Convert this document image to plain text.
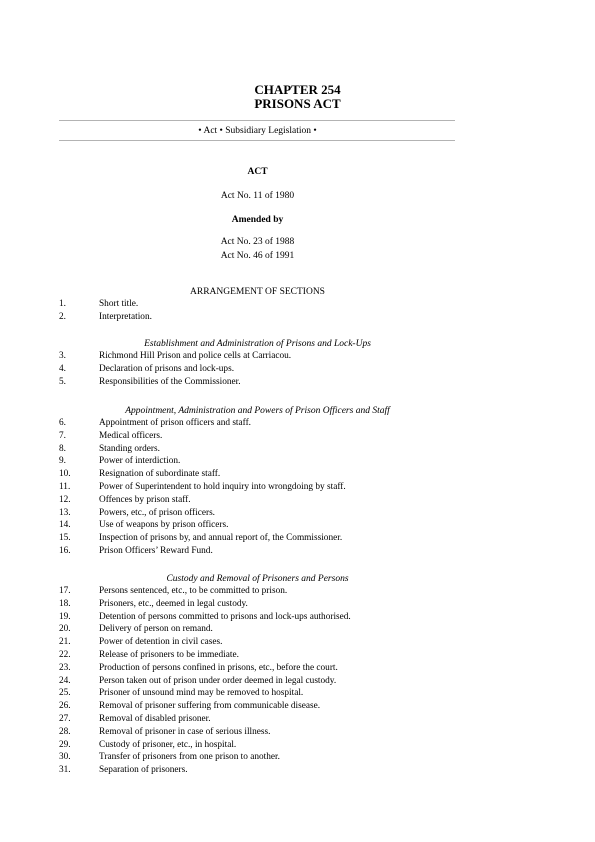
CHAPTER 254
PRISONS ACT
• Act • Subsidiary Legislation •
ACT
Act No. 11 of 1980
Amended by
Act No. 23 of 1988
Act No. 46 of 1991
ARRANGEMENT OF SECTIONS
1.	Short title.
2.	Interpretation.
Establishment and Administration of Prisons and Lock-Ups
3.	Richmond Hill Prison and police cells at Carriacou.
4.	Declaration of prisons and lock-ups.
5.	Responsibilities of the Commissioner.
Appointment, Administration and Powers of Prison Officers and Staff
6.	Appointment of prison officers and staff.
7.	Medical officers.
8.	Standing orders.
9.	Power of interdiction.
10.	Resignation of subordinate staff.
11.	Power of Superintendent to hold inquiry into wrongdoing by staff.
12.	Offences by prison staff.
13.	Powers, etc., of prison officers.
14.	Use of weapons by prison officers.
15.	Inspection of prisons by, and annual report of, the Commissioner.
16.	Prison Officers’ Reward Fund.
Custody and Removal of Prisoners and Persons
17.	Persons sentenced, etc., to be committed to prison.
18.	Prisoners, etc., deemed in legal custody.
19.	Detention of persons committed to prisons and lock-ups authorised.
20.	Delivery of person on remand.
21.	Power of detention in civil cases.
22.	Release of prisoners to be immediate.
23.	Production of persons confined in prisons, etc., before the court.
24.	Person taken out of prison under order deemed in legal custody.
25.	Prisoner of unsound mind may be removed to hospital.
26.	Removal of prisoner suffering from communicable disease.
27.	Removal of disabled prisoner.
28.	Removal of prisoner in case of serious illness.
29.	Custody of prisoner, etc., in hospital.
30.	Transfer of prisoners from one prison to another.
31.	Separation of prisoners.
